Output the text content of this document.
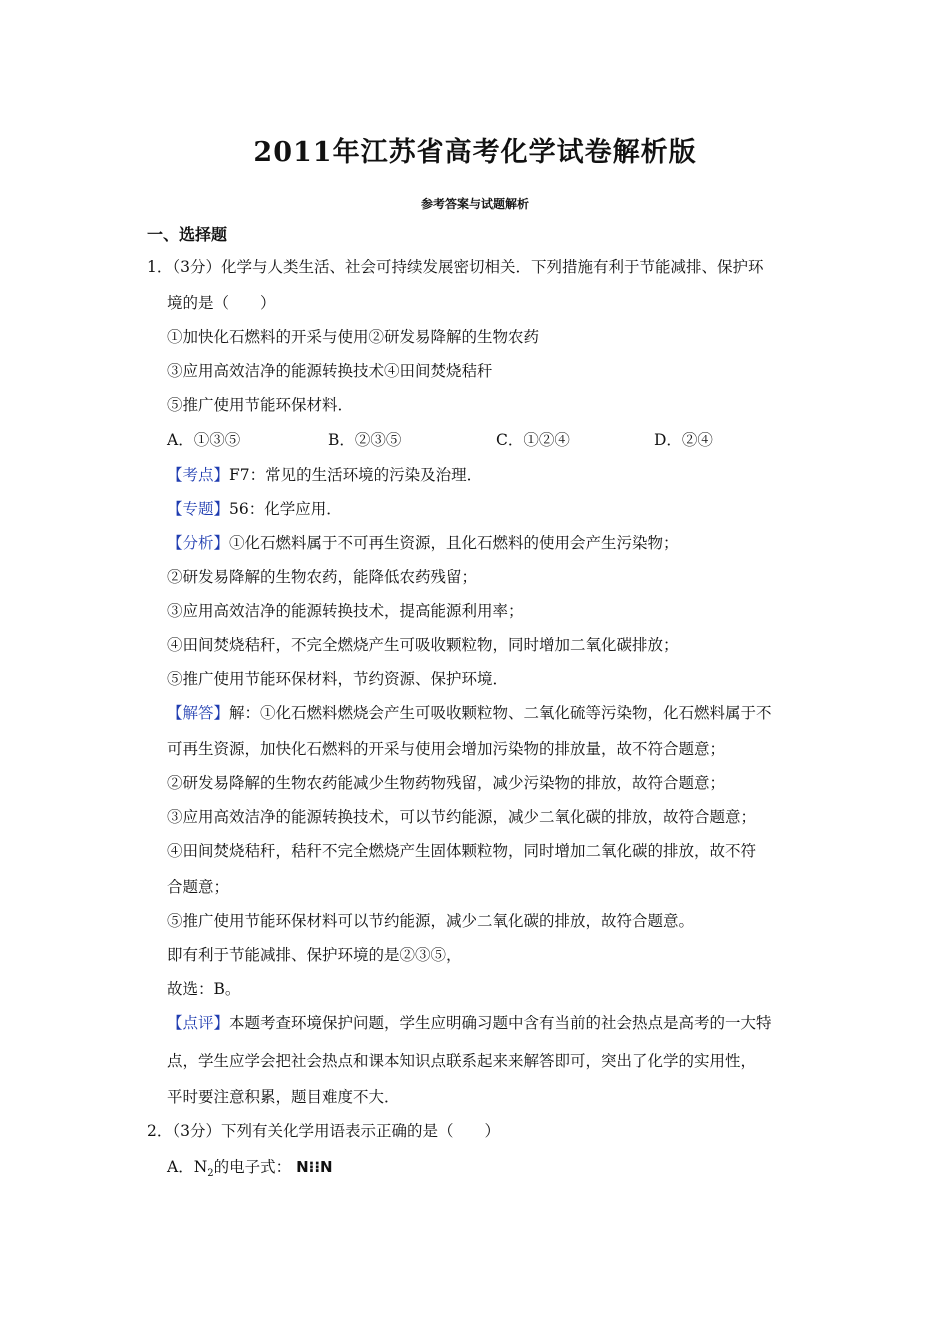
2011年江苏省高考化学试卷解析版
参考答案与试题解析
一、选择题
1．（3分）化学与人类生活、社会可持续发展密切相关．下列措施有利于节能减排、保护环
境的是（　　）
①加快化石燃料的开采与使用②研发易降解的生物农药
③应用高效洁净的能源转换技术④田间焚烧秸秆
⑤推广使用节能环保材料．
A．①③⑤	B．②③⑤	C．①②④	D．②④
【考点】F7：常见的生活环境的污染及治理．
【专题】56：化学应用．
【分析】①化石燃料属于不可再生资源，且化石燃料的使用会产生污染物；
②研发易降解的生物农药，能降低农药残留；
③应用高效洁净的能源转换技术，提高能源利用率；
④田间焚烧秸秆，不完全燃烧产生可吸收颗粒物，同时增加二氧化碳排放；
⑤推广使用节能环保材料，节约资源、保护环境．
【解答】解：①化石燃料燃烧会产生可吸收颗粒物、二氧化硫等污染物，化石燃料属于不
可再生资源，加快化石燃料的开采与使用会增加污染物的排放量，故不符合题意；
②研发易降解的生物农药能减少生物药物残留，减少污染物的排放，故符合题意；
③应用高效洁净的能源转换技术，可以节约能源，减少二氧化碳的排放，故符合题意；
④田间焚烧秸秆，秸秆不完全燃烧产生固体颗粒物，同时增加二氧化碳的排放，故不符
合题意；
⑤推广使用节能环保材料可以节约能源，减少二氧化碳的排放，故符合题意。
即有利于节能减排、保护环境的是②③⑤，
故选：B。
【点评】本题考查环境保护问题，学生应明确习题中含有当前的社会热点是高考的一大特
点，学生应学会把社会热点和课本知识点联系起来来解答即可，突出了化学的实用性，
平时要注意积累，题目难度不大．
2．（3分）下列有关化学用语表示正确的是（　　）
A．$N_2$的电子式： N⁝⁝N
